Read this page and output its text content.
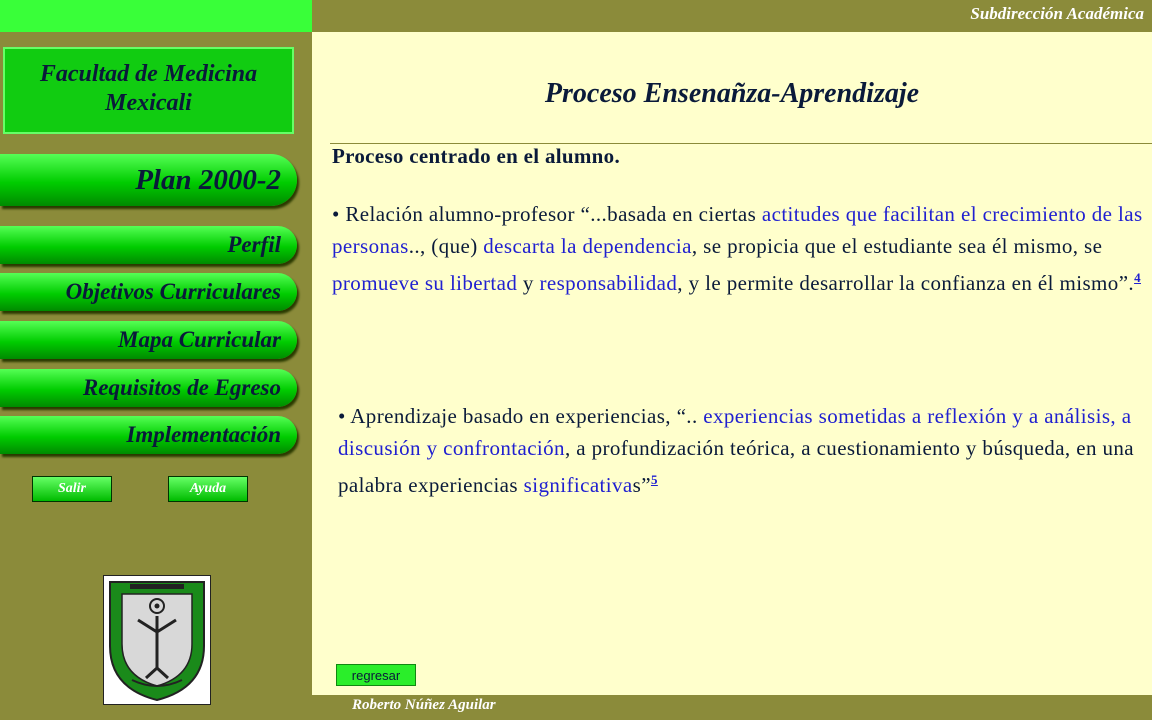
Subdirección Académica
Facultad de Medicina Mexicali
Plan 2000-2
Perfil
Objetivos Curriculares
Mapa Curricular
Requisitos de Egreso
Implementación
Salir	Ayuda
Proceso Ensenañza-Aprendizaje
Proceso centrado en el alumno.
• Relación alumno-profesor “...basada en ciertas actitudes que facilitan el crecimiento de las personas.., (que) descarta la dependencia, se propicia que el estudiante sea él mismo, se promueve su libertad y responsabilidad, y le permite desarrollar la confianza en él mismo”.$^4$
• Aprendizaje basado en experiencias, “.. experiencias sometidas a reflexión y a análisis, a discusión y confrontación, a profundización teórica, a cuestionamiento y búsqueda, en una palabra experiencias significativas”$^5$
regresar
Roberto Núñez Aguilar
